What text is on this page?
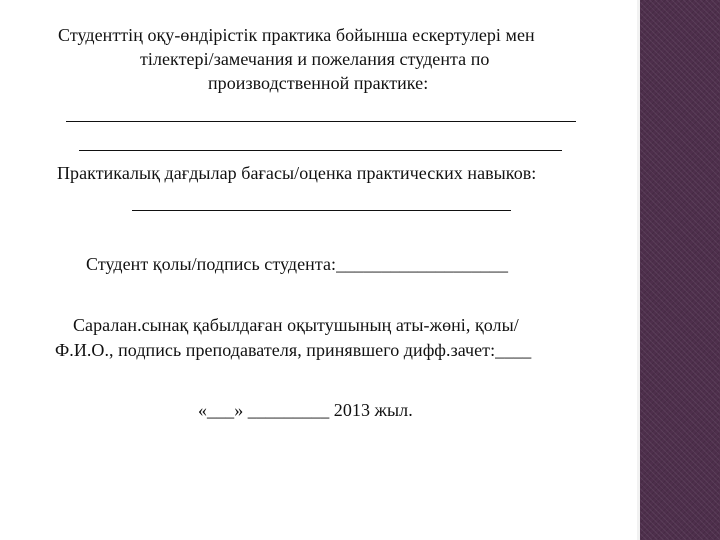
Студенттің оқу-өндірістік практика бойынша ескертулері мен
тілектері/замечания и пожелания студента по
производственной практике:
Практикалық дағдылар бағасы/оценка практических навыков:
Студент қолы/подпись студента:___________________
Саралан.сынақ қабылдаған оқытушының аты-жөні, қолы/
Ф.И.О., подпись преподавателя, принявшего дифф.зачет:____
«___» _________ 2013 жыл.
